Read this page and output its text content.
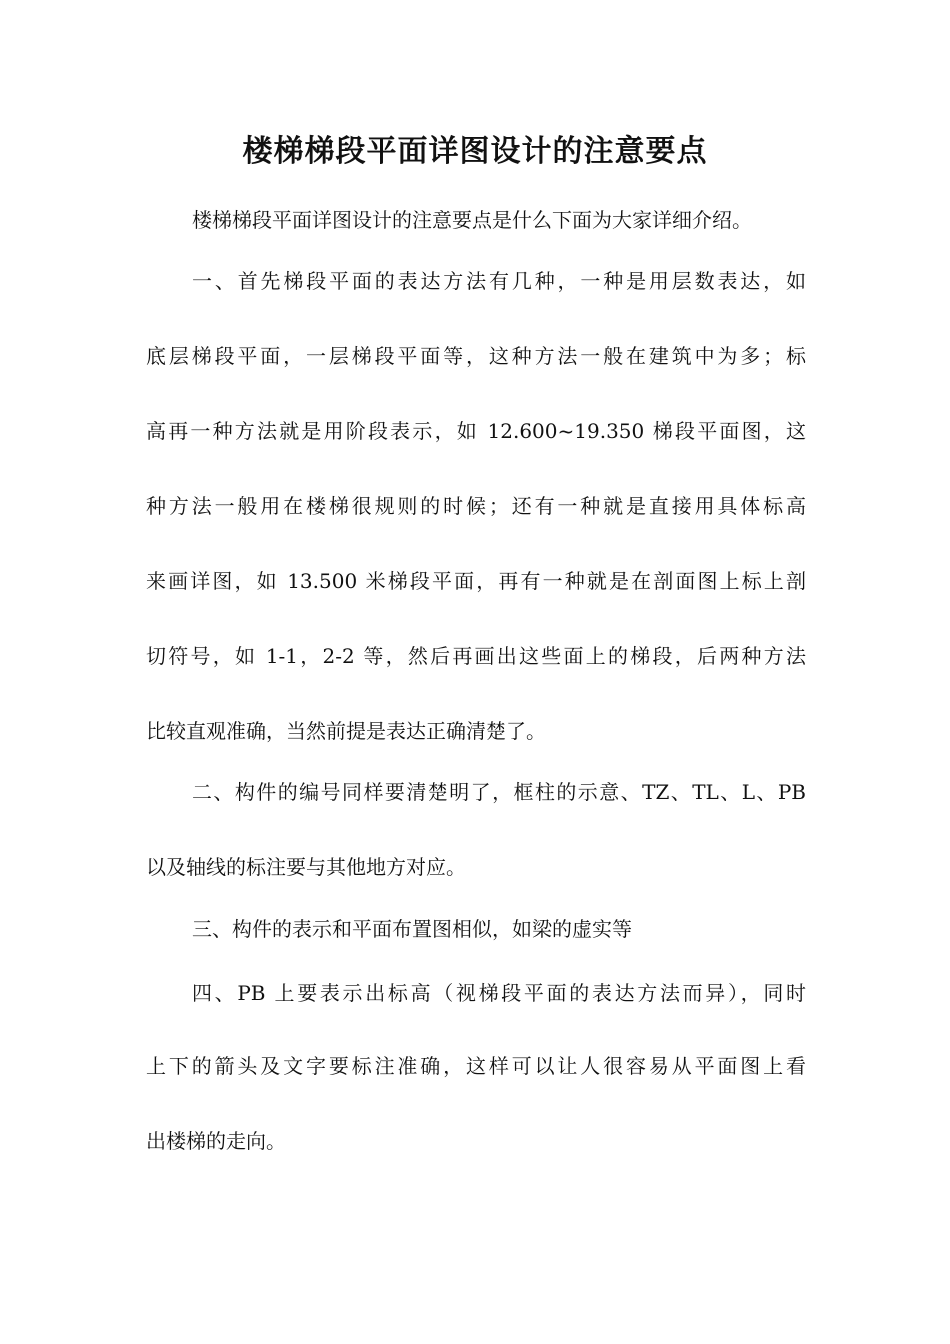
楼梯梯段平面详图设计的注意要点

楼梯梯段平面详图设计的注意要点是什么下面为大家详细介绍。

一、首先梯段平面的表达方法有几种，一种是用层数表达，如

底层梯段平面，一层梯段平面等，这种方法一般在建筑中为多；标

高再一种方法就是用阶段表示，如 12.600~19.350 梯段平面图，这

种方法一般用在楼梯很规则的时候；还有一种就是直接用具体标高

来画详图，如 13.500 米梯段平面，再有一种就是在剖面图上标上剖

切符号，如 1-1，2-2 等，然后再画出这些面上的梯段，后两种方法

比较直观准确，当然前提是表达正确清楚了。

二、构件的编号同样要清楚明了，框柱的示意、TZ、TL、L、PB

以及轴线的标注要与其他地方对应。

三、构件的表示和平面布置图相似，如梁的虚实等

四、PB 上要表示出标高（视梯段平面的表达方法而异），同时

上下的箭头及文字要标注准确，这样可以让人很容易从平面图上看

出楼梯的走向。
